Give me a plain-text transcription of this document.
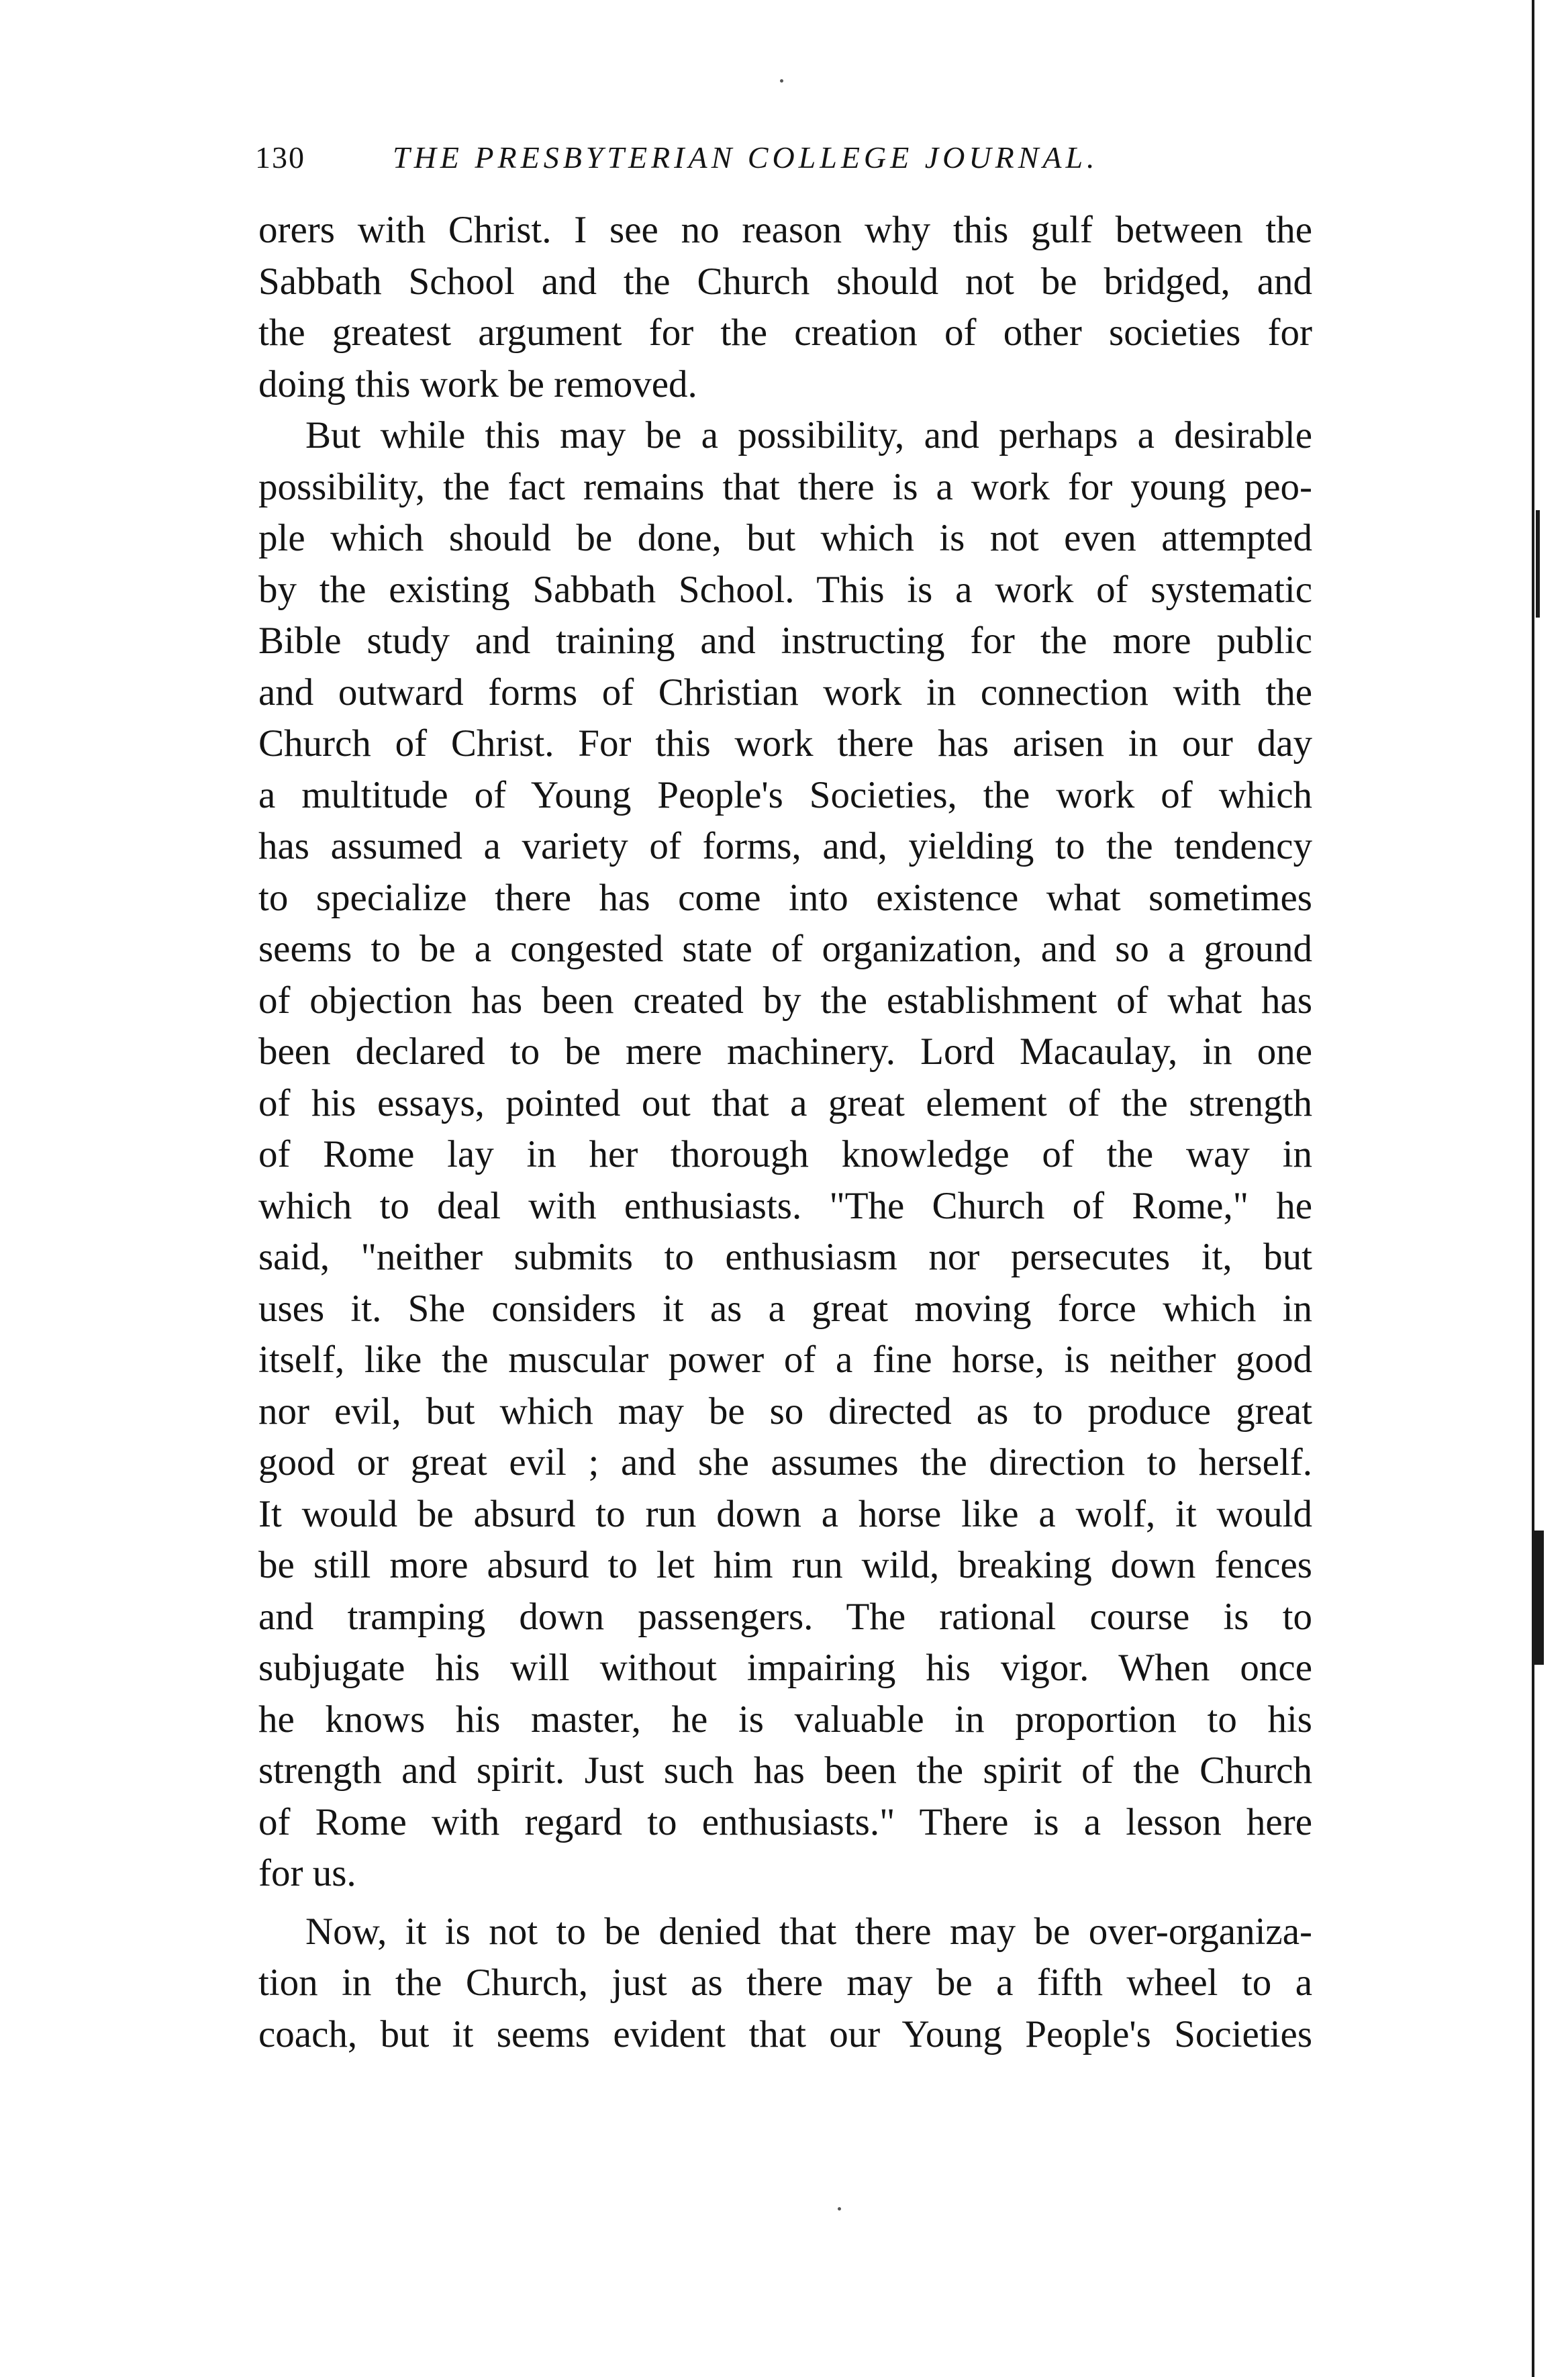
130	THE PRESBYTERIAN COLLEGE JOURNAL.
orers with Christ. I see no reason why this gulf between the
Sabbath School and the Church should not be bridged, and
the greatest argument for the creation of other societies for
doing this work be removed.
But while this may be a possibility, and perhaps a desirable
possibility, the fact remains that there is a work for young peo-
ple which should be done, but which is not even attempted
by the existing Sabbath School. This is a work of systematic
Bible study and training and instructing for the more public
and outward forms of Christian work in connection with the
Church of Christ. For this work there has arisen in our day
a multitude of Young People's Societies, the work of which
has assumed a variety of forms, and, yielding to the tendency
to specialize there has come into existence what sometimes
seems to be a congested state of organization, and so a ground
of objection has been created by the establishment of what has
been declared to be mere machinery. Lord Macaulay, in one
of his essays, pointed out that a great element of the strength
of Rome lay in her thorough knowledge of the way in
which to deal with enthusiasts. "The Church of Rome," he
said, "neither submits to enthusiasm nor persecutes it, but
uses it. She considers it as a great moving force which in
itself, like the muscular power of a fine horse, is neither good
nor evil, but which may be so directed as to produce great
good or great evil ; and she assumes the direction to herself.
It would be absurd to run down a horse like a wolf, it would
be still more absurd to let him run wild, breaking down fences
and tramping down passengers. The rational course is to
subjugate his will without impairing his vigor. When once
he knows his master, he is valuable in proportion to his
strength and spirit. Just such has been the spirit of the Church
of Rome with regard to enthusiasts." There is a lesson here
for us.
Now, it is not to be denied that there may be over-organiza-
tion in the Church, just as there may be a fifth wheel to a
coach, but it seems evident that our Young People's Societies
